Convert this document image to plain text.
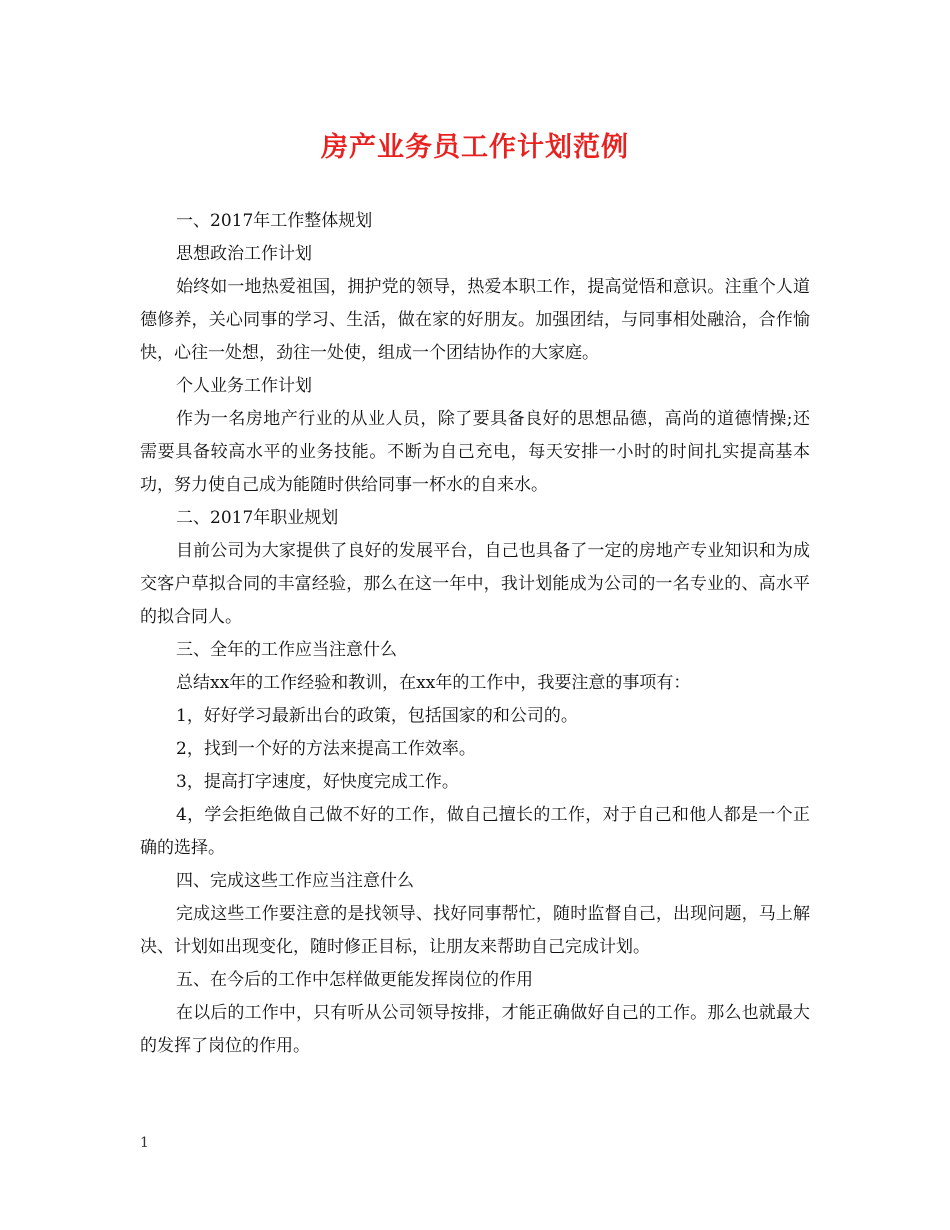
房产业务员工作计划范例

一、2017年工作整体规划

思想政治工作计划

始终如一地热爱祖国，拥护党的领导，热爱本职工作，提高觉悟和意识。注重个人道德修养，关心同事的学习、生活，做在家的好朋友。加强团结，与同事相处融洽，合作愉快，心往一处想，劲往一处使，组成一个团结协作的大家庭。

个人业务工作计划

作为一名房地产行业的从业人员，除了要具备良好的思想品德，高尚的道德情操;还需要具备较高水平的业务技能。不断为自己充电，每天安排一小时的时间扎实提高基本功，努力使自己成为能随时供给同事一杯水的自来水。

二、2017年职业规划

目前公司为大家提供了良好的发展平台，自己也具备了一定的房地产专业知识和为成交客户草拟合同的丰富经验，那么在这一年中，我计划能成为公司的一名专业的、高水平的拟合同人。

三、全年的工作应当注意什么

总结xx年的工作经验和教训，在xx年的工作中，我要注意的事项有：

1，好好学习最新出台的政策，包括国家的和公司的。

2，找到一个好的方法来提高工作效率。

3，提高打字速度，好快度完成工作。

4，学会拒绝做自己做不好的工作，做自己擅长的工作，对于自己和他人都是一个正确的选择。

四、完成这些工作应当注意什么

完成这些工作要注意的是找领导、找好同事帮忙，随时监督自己，出现问题，马上解决、计划如出现变化，随时修正目标，让朋友来帮助自己完成计划。

五、在今后的工作中怎样做更能发挥岗位的作用

在以后的工作中，只有听从公司领导按排，才能正确做好自己的工作。那么也就最大的发挥了岗位的作用。

1
